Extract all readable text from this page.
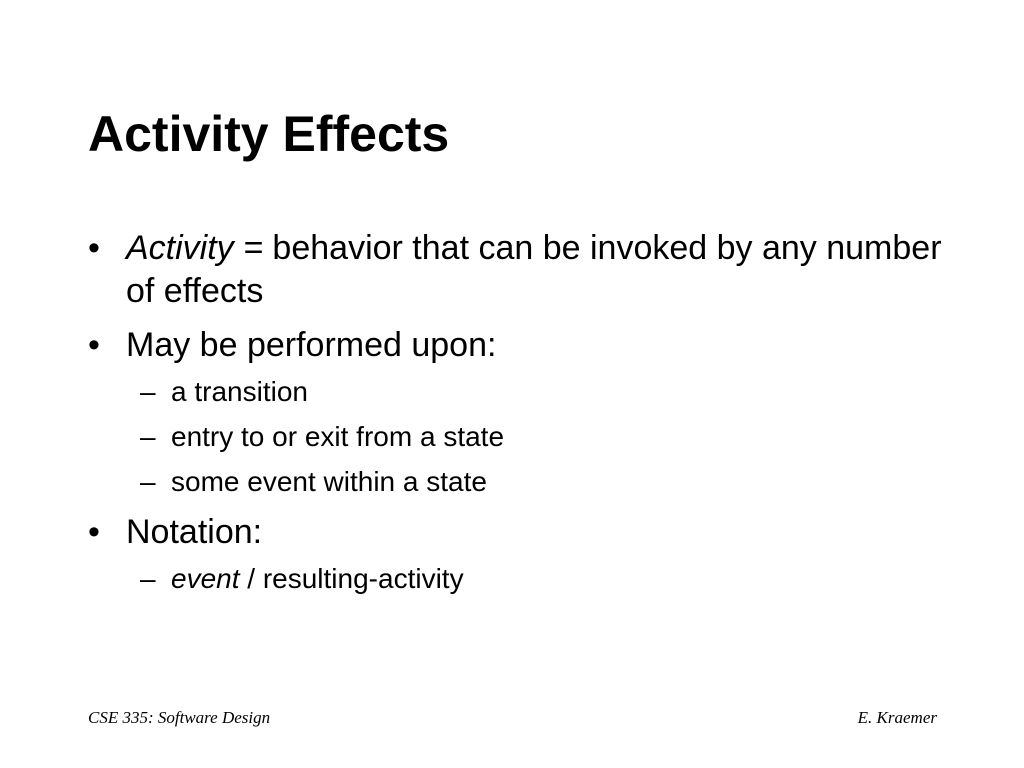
Activity Effects
• Activity = behavior that can be invoked by any number of effects
• May be performed upon:
– a transition
– entry to or exit from a state
– some event within a state
• Notation:
– event / resulting-activity
CSE 335: Software Design	E. Kraemer
